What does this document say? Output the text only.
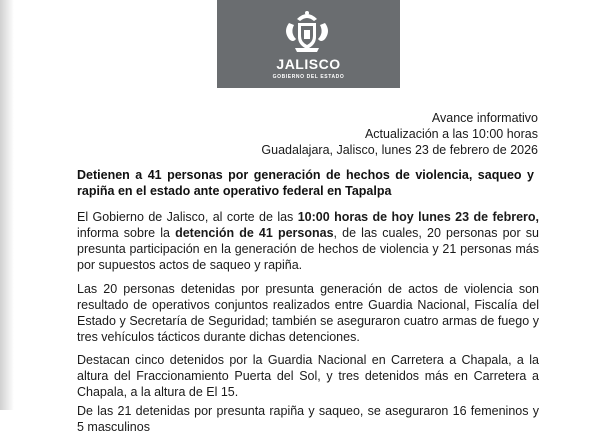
JALISCO
GOBIERNO DEL ESTADO
Avance informativo
Actualización a las 10:00 horas
Guadalajara, Jalisco, lunes 23 de febrero de 2026
Detienen a 41 personas por generación de hechos de violencia, saqueo y rapiña en el estado ante operativo federal en Tapalpa
El Gobierno de Jalisco, al corte de las 10:00 horas de hoy lunes 23 de febrero, informa sobre la detención de 41 personas, de las cuales, 20 personas por su presunta participación en la generación de hechos de violencia y 21 personas más por supuestos actos de saqueo y rapiña.
Las 20 personas detenidas por presunta generación de actos de violencia son resultado de operativos conjuntos realizados entre Guardia Nacional, Fiscalía del Estado y Secretaría de Seguridad; también se aseguraron cuatro armas de fuego y tres vehículos tácticos durante dichas detenciones.
Destacan cinco detenidos por la Guardia Nacional en Carretera a Chapala, a la altura del Fraccionamiento Puerta del Sol, y tres detenidos más en Carretera a Chapala, a la altura de El 15.
De las 21 detenidas por presunta rapiña y saqueo, se aseguraron 16 femeninos y 5 masculinos
